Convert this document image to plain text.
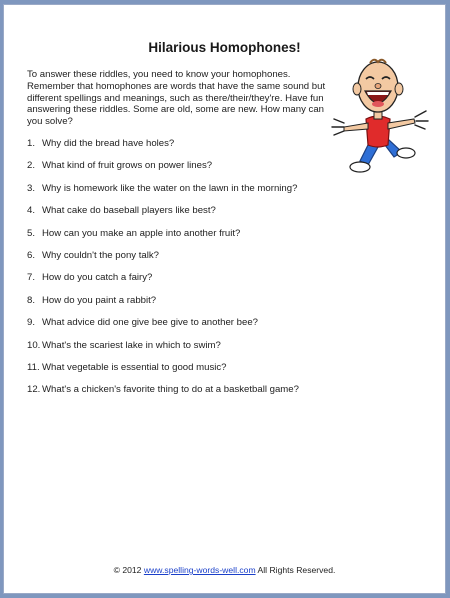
Hilarious Homophones!

To answer these riddles, you need to know your homophones. Remember that homophones are words that have the same sound but different spellings and meanings, such as there/their/they're. Have fun answering these riddles. Some are old, some are new. How many can you solve?

1. Why did the bread have holes?
2. What kind of fruit grows on power lines?
3. Why is homework like the water on the lawn in the morning?
4. What cake do baseball players like best?
5. How can you make an apple into another fruit?
6. Why couldn't the pony talk?
7. How do you catch a fairy?
8. How do you paint a rabbit?
9. What advice did one give bee give to another bee?
10. What's the scariest lake in which to swim?
11. What vegetable is essential to good music?
12. What's a chicken's favorite thing to do at a basketball game?

© 2012 www.spelling-words-well.com All Rights Reserved.
